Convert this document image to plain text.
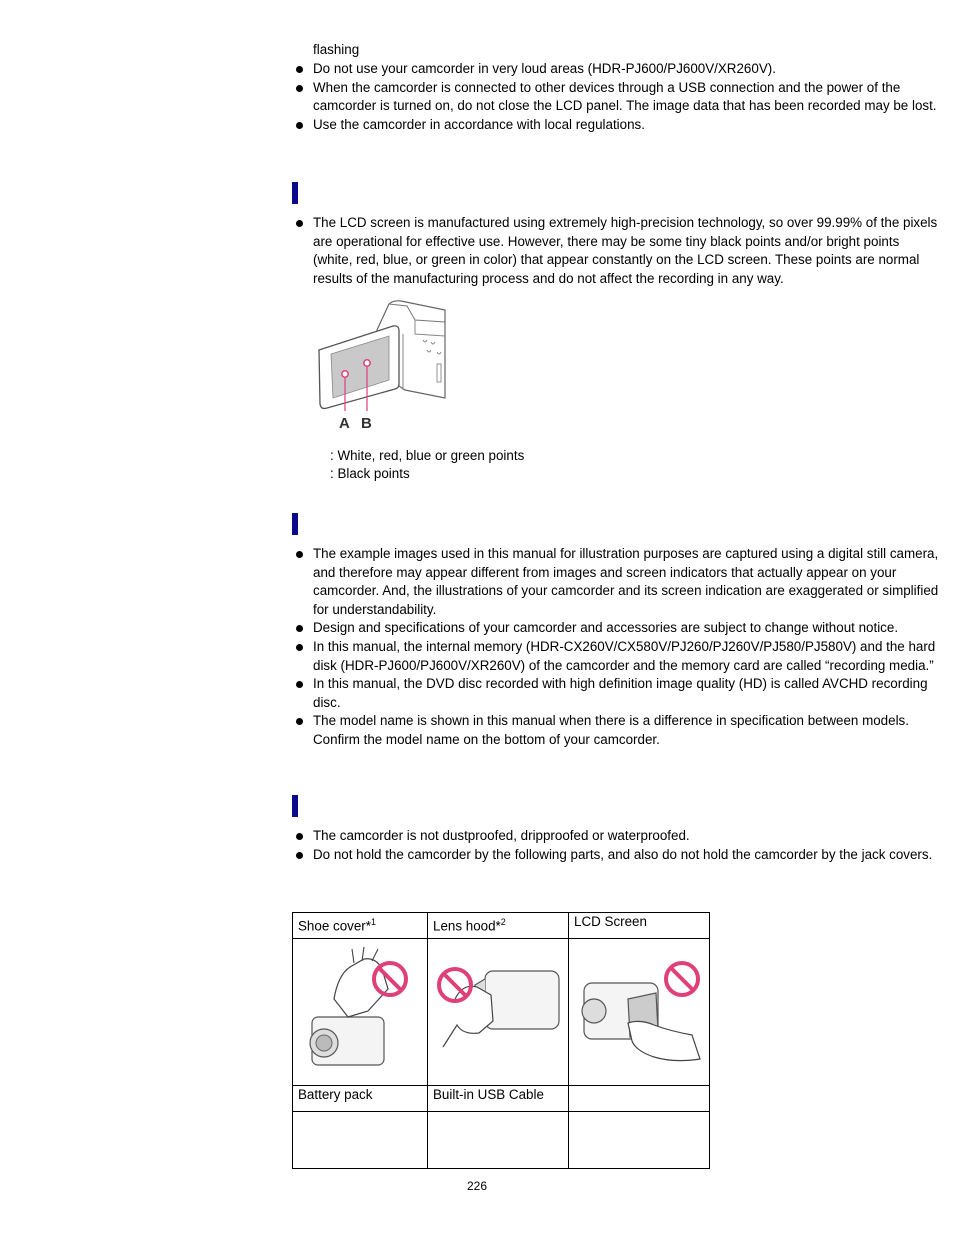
flashing
Do not use your camcorder in very loud areas (HDR-PJ600/PJ600V/XR260V).
When the camcorder is connected to other devices through a USB connection and the power of the camcorder is turned on, do not close the LCD panel. The image data that has been recorded may be lost.
Use the camcorder in accordance with local regulations.
The LCD screen is manufactured using extremely high-precision technology, so over 99.99% of the pixels are operational for effective use. However, there may be some tiny black points and/or bright points (white, red, blue, or green in color) that appear constantly on the LCD screen. These points are normal results of the manufacturing process and do not affect the recording in any way.
A B
: White, red, blue or green points
: Black points
The example images used in this manual for illustration purposes are captured using a digital still camera, and therefore may appear different from images and screen indicators that actually appear on your camcorder. And, the illustrations of your camcorder and its screen indication are exaggerated or simplified for understandability.
Design and specifications of your camcorder and accessories are subject to change without notice.
In this manual, the internal memory (HDR-CX260V/CX580V/PJ260/PJ260V/PJ580/PJ580V) and the hard disk (HDR-PJ600/PJ600V/XR260V) of the camcorder and the memory card are called “recording media.”
In this manual, the DVD disc recorded with high definition image quality (HD) is called AVCHD recording disc.
The model name is shown in this manual when there is a difference in specification between models. Confirm the model name on the bottom of your camcorder.
The camcorder is not dustproofed, dripproofed or waterproofed.
Do not hold the camcorder by the following parts, and also do not hold the camcorder by the jack covers.
Shoe cover*$^1$	Lens hood*$^2$	LCD Screen

Battery pack	Built-in USB Cable	

226
